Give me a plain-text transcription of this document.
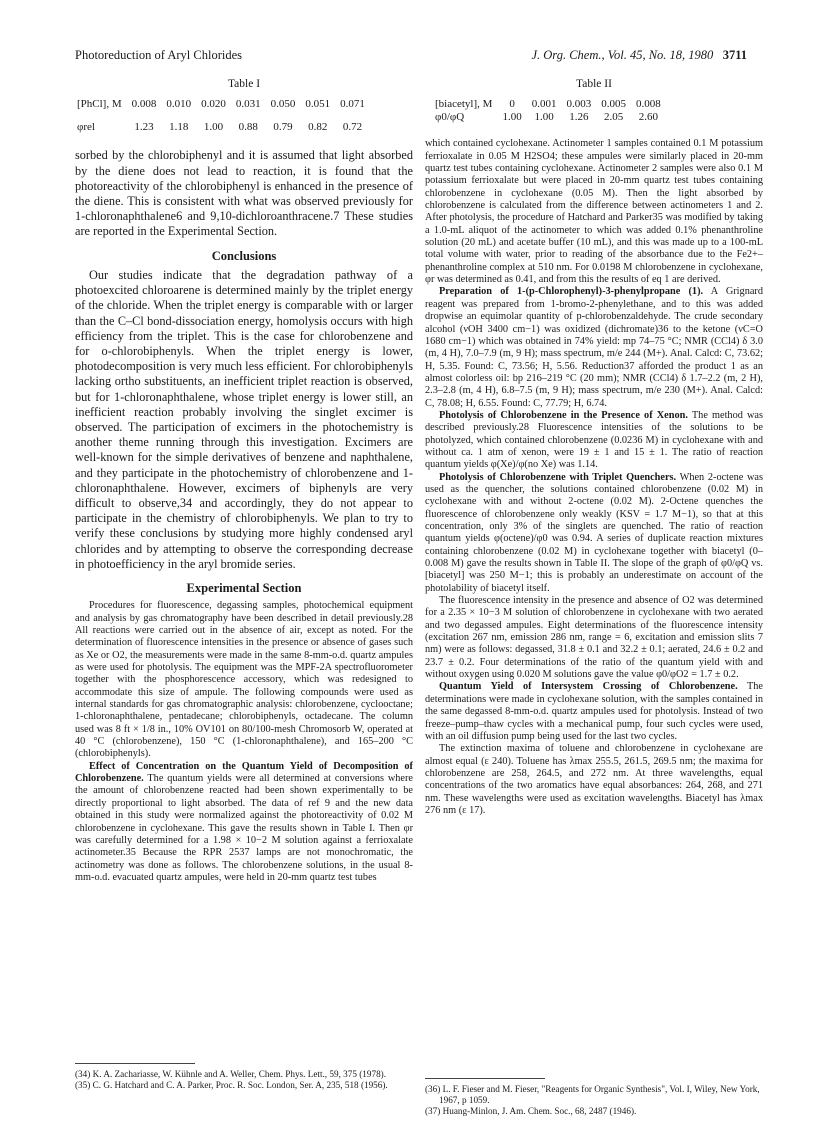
Photoreduction of Aryl Chlorides	J. Org. Chem., Vol. 45, No. 18, 1980 3711
Table I
[PhCl], M	0.008	0.010	0.020	0.031	0.050	0.051	0.071
φrel	1.23	1.18	1.00	0.88	0.79	0.82	0.72

sorbed by the chlorobiphenyl and it is assumed that light absorbed by the diene does not lead to reaction, it is found that the photoreactivity of the chlorobiphenyl is enhanced in the presence of the diene. This is consistent with what was observed previously for 1-chloronaphthalene6 and 9,10-dichloroanthracene.7 These studies are reported in the Experimental Section.

Conclusions

Our studies indicate that the degradation pathway of a photoexcited chloroarene is determined mainly by the triplet energy of the chloride. When the triplet energy is comparable with or larger than the C–Cl bond-dissociation energy, homolysis occurs with high efficiency from the triplet. This is the case for chlorobenzene and for o-chlorobiphenyls. When the triplet energy is lower, photodecomposition is very much less efficient. For chlorobiphenyls lacking ortho substituents, an inefficient triplet reaction is observed, but for 1-chloronaphthalene, whose triplet energy is lower still, an inefficient reaction probably involving the singlet excimer is observed. The participation of excimers in the photochemistry is another theme running through this investigation. Excimers are well-known for the simple derivatives of benzene and naphthalene, and they participate in the photochemistry of chlorobenzene and 1-chloronaphthalene. However, excimers of biphenyls are very difficult to observe,34 and accordingly, they do not appear to participate in the chemistry of chlorobiphenyls. We plan to try to verify these conclusions by studying more highly condensed aryl chlorides and by attempting to observe the corresponding decrease in photoefficiency in the aryl bromide series.

Experimental Section

Procedures for fluorescence, degassing samples, photochemical equipment and analysis by gas chromatography have been described in detail previously.28 All reactions were carried out in the absence of air, except as noted. For the determination of fluorescence intensities in the presence or absence of gases such as Xe or O2, the measurements were made in the same 8-mm-o.d. quartz ampules as were used for photolysis. The equipment was the MPF-2A spectrofluorometer together with the phosphorescence accessory, which was redesigned to accommodate this size of ampule. The following compounds were used as internal standards for gas chromatographic analysis: chlorobenzene, cyclooctane; 1-chloronaphthalene, pentadecane; chlorobiphenyls, octadecane. The column used was 8 ft × 1/8 in., 10% OV101 on 80/100-mesh Chromosorb W, operated at 40 °C (chlorobenzene), 150 °C (1-chloronaphthalene), and 165–200 °C (chlorobiphenyls).

Effect of Concentration on the Quantum Yield of Decomposition of Chlorobenzene. The quantum yields were all determined at conversions where the amount of chlorobenzene reacted had been shown experimentally to be directly proportional to light absorbed. The data of ref 9 and the new data obtained in this study were normalized against the photoreactivity of 0.02 M chlorobenzene in cyclohexane. This gave the results shown in Table I. Then φr was carefully determined for a 1.98 × 10−2 M solution against a ferrioxalate actinometer.35 Because the RPR 2537 lamps are not monochromatic, the actinometry was done as follows. The chlorobenzene solutions, in the usual 8-mm-o.d. evacuated quartz ampules, were held in 20-mm quartz test tubes

(34) K. A. Zachariasse, W. Kühnle and A. Weller, Chem. Phys. Lett., 59, 375 (1978).

(35) C. G. Hatchard and C. A. Parker, Proc. R. Soc. London, Ser. A, 235, 518 (1956).

Table II
[biacetyl], M	0	0.001	0.003	0.005	0.008
φ0/φQ	1.00	1.00	1.26	2.05	2.60

which contained cyclohexane. Actinometer 1 samples contained 0.1 M potassium ferrioxalate in 0.05 M H2SO4; these ampules were similarly placed in 20-mm quartz test tubes containing cyclohexane. Actinometer 2 samples were also 0.1 M potassium ferrioxalate but were placed in 20-mm quartz test tubes containing chlorobenzene in cyclohexane (0.05 M). Then the light absorbed by chlorobenzene is calculated from the difference between actinometers 1 and 2. After photolysis, the procedure of Hatchard and Parker35 was modified by taking a 1.0-mL aliquot of the actinometer to which was added 0.1% phenanthroline solution (20 mL) and acetate buffer (10 mL), and this was made up to a 100-mL total volume with water, prior to reading of the absorbance due to the Fe2+–phenanthroline complex at 510 nm. For 0.0198 M chlorobenzene in cyclohexane, φr was determined as 0.41, and from this the results of eq 1 are derived.

Preparation of 1-(p-Chlorophenyl)-3-phenylpropane (1). A Grignard reagent was prepared from 1-bromo-2-phenylethane, and to this was added dropwise an equimolar quantity of p-chlorobenzaldehyde. The crude secondary alcohol (νOH 3400 cm−1) was oxidized (dichromate)36 to the ketone (νC=O 1680 cm−1) which was obtained in 74% yield: mp 74–75 °C; NMR (CCl4) δ 3.0 (m, 4 H), 7.0–7.9 (m, 9 H); mass spectrum, m/e 244 (M+). Anal. Calcd: C, 73.62; H, 5.35. Found: C, 73.56; H, 5.56. Reduction37 afforded the product 1 as an almost colorless oil: bp 216–219 °C (20 mm); NMR (CCl4) δ 1.7–2.2 (m, 2 H), 2.3–2.8 (m, 4 H), 6.8–7.5 (m, 9 H); mass spectrum, m/e 230 (M+). Anal. Calcd: C, 78.08; H, 6.55. Found: C, 77.79; H, 6.74.

Photolysis of Chlorobenzene in the Presence of Xenon. The method was described previously.28 Fluorescence intensities of the solutions to be photolyzed, which contained chlorobenzene (0.0236 M) in cyclohexane with and without ca. 1 atm of xenon, were 19 ± 1 and 15 ± 1. The ratio of reaction quantum yields φ(Xe)/φ(no Xe) was 1.14.

Photolysis of Chlorobenzene with Triplet Quenchers. When 2-octene was used as the quencher, the solutions contained chlorobenzene (0.02 M) in cyclohexane with and without 2-octene (0.02 M). 2-Octene quenches the fluorescence of chlorobenzene only weakly (KSV = 1.7 M−1), so that at this concentration, only 3% of the singlets are quenched. The ratio of reaction quantum yields φ(octene)/φ0 was 0.94. A series of duplicate reaction mixtures containing chlorobenzene (0.02 M) in cyclohexane together with biacetyl (0–0.008 M) gave the results shown in Table II. The slope of the graph of φ0/φQ vs. [biacetyl] was 250 M−1; this is probably an underestimate on account of the photolability of biacetyl itself.

The fluorescence intensity in the presence and absence of O2 was determined for a 2.35 × 10−3 M solution of chlorobenzene in cyclohexane with two aerated and two degassed ampules. Eight determinations of the fluorescence intensity (excitation 267 nm, emission 286 nm, range = 6, excitation and emission slits 7 nm) were as follows: degassed, 31.8 ± 0.1 and 32.2 ± 0.1; aerated, 24.6 ± 0.2 and 23.7 ± 0.2. Four determinations of the ratio of the quantum yield with and without oxygen using 0.020 M solutions gave the value φ0/φO2 = 1.7 ± 0.2.

Quantum Yield of Intersystem Crossing of Chlorobenzene. The determinations were made in cyclohexane solution, with the samples contained in the same degassed 8-mm-o.d. quartz ampules used for photolysis. Instead of two freeze–pump–thaw cycles with a mechanical pump, four such cycles were used, with an oil diffusion pump being used for the last two cycles.

The extinction maxima of toluene and chlorobenzene in cyclohexane are almost equal (ε 240). Toluene has λmax 255.5, 261.5, 269.5 nm; the maxima for chlorobenzene are 258, 264.5, and 272 nm. At three wavelengths, equal concentrations of the two aromatics have equal absorbances: 264, 268, and 271 nm. These wavelengths were used as excitation wavelengths. Biacetyl has λmax 276 nm (ε 17).

(36) L. F. Fieser and M. Fieser, "Reagents for Organic Synthesis", Vol. I, Wiley, New York, 1967, p 1059.

(37) Huang-Minlon, J. Am. Chem. Soc., 68, 2487 (1946).
